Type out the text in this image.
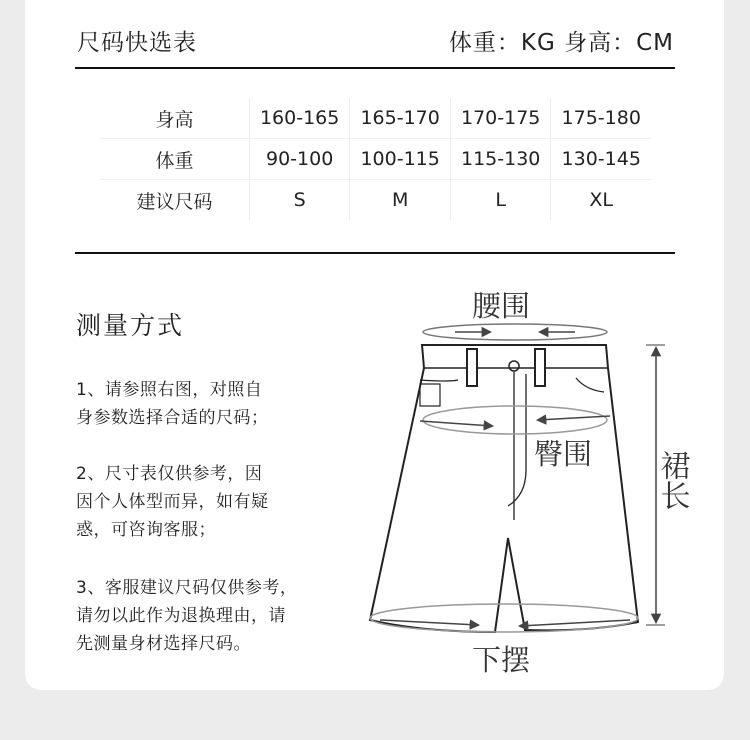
尺码快选表	体重：KG 身高：CM
身高	160-165	165-170	170-175	175-180
体重	90-100	100-115	115-130	130-145
建议尺码	S	M	L	XL
测量方式
1、请参照右图，对照自
身参数选择合适的尺码；
2、尺寸表仅供参考，因
因个人体型而异，如有疑
惑，可咨询客服；
3、客服建议尺码仅供参考，
请勿以此作为退换理由，请
先测量身材选择尺码。
腰围
臀围
下摆
裙长
